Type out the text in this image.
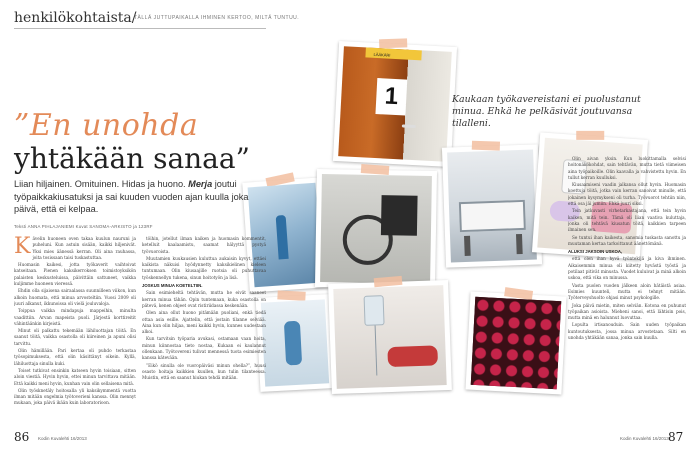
henkilökohtaista/
TÄLLÄ JUTTUPAIKALLA IHMINEN KERTOO, MILTÄ TUNTUU.
LÄÄKÄRI
1
”En unohda
yhtäkään sanaa”
Liian hiljainen. Omituinen. Hidas ja huono. Merja joutui työpaikkakiusatuksi ja sai kuuden vuoden ajan kuulla joka päivä, että ei kelpaa.
Teksti ANNA PIHLAJANIEMI Kuvat SANOMA-ARKISTO ja 123RF
Kaukaan työkavereistani ei puolustanut minua. Ehkä he pelkäsivät joutuvansa tilalleni.

Kävelin huoneen oven takaa kuulun nauruni ja puheluni. Kun astuin sisään, kaikki hiljenivät. Yksi mies äänessä kerran. Oli aina rauhassa, joita tosissaan taisi tuskastuttaa.

Huomasin kaikesi, jotta työkaverit vaihtoivat katseitaan. Pienen kaksikerroksen toimistoyksikön palaisten keskusteluissa, päivittäin sattuneet, vaikka kuljimme huoneen vieressä.

Ehdin olla sijaisena sairaalassa suunnilleen viikon, kun alkoin huomata, että minua arvosteltiin. Vuosi 2009 oli juuri alkanut, ikkunoissa oli vielä jouluvaloja.

Toippua vaikka mindapuja mappeihin, minulta vaadittiin. Arvan mapeista puoli. Järjestä korttireitit vähintäänkin kirjeistä.

Minut oli palkattu tekemään lähiluottajan töitä. En saanut töitä, vaikka osastolla oli kiireinen ja apuni olisi tarvittu.

Olin hämillään. Pari kertaa oli puhdo terkastaa työsopimuksesta, että olin käsittänyt oikein. Kyllä, lähiluottaja sinulla kuki.

Toiset tutkivat ensinkin katseen hyvin toisiaan, sitten aloin viestiä. Hyvin hyvin, ettei minun tarvittava mitään. Että kaikki meni hyvin, kunhan vain olin sellaisena mitä.

Olin työsknetäly hoitosalla yli kaksikymmentä vuotta ilman mitään ongelmia työtoverieni kanssa. Olin mennyt mukaan, joka päivä ikään kuin laboratorioon.

töihin, jotellut ilman kaiken ja huomasin kommentit, ketelluit kaalaamistu, saamat hälyyttä pystyä työvuoroista.

Muutamien kuukausien kuluttua aukaisin kyvyt, ettäei kaikista näkuisi hyödynnetty kaksikielinen kieleen tuntumaan. Olin kiusaajille ruotsia oli puhuttavaa työskennellyn tukena, sinun hoitotyön ja lisä.

JOSKUS MINUA KOETELTIIN.

Sain esimieheltä tehtävän, mutta he eivät saaneet kerran minua tähän. Opin tuntemaan, kuka osastolla on pätevä, kenen ohjeet ovat ristiriidassa keskenään.

Olen aina ollut huono pitämään puoliani, enkä tiedä ottaa asia esille. Ajattelin, että jostain tilanne selviää. Aina kun olin hiljaa, meni kaikki hyvin, kunnes uudestaan alkoi.

Kun tarvitsin työparia avukasi, ostamaan vaan hoita, minun kiinnostaa tieto nostaa, Kukaan ei kaulannut ollenkaan. Työtovereni tulivat mennessä tuota esimiesten kanssa kätevään.

”Eikö sinulla ole vuoropäiväsi minun ohella?”, huusi osasto hoitaja kaikkien kuullen, kun tulin tilanteessa. Muistin, että en saanut hiukan tehdä mitään.

Olin aivan yksin. Kun luokittamalla selvisi hoitonäkökohdat, sain tehtävän, mutta tietä viimeisen aina työpaikoille. Olin kaavalla ja vahvistettu hyvin. En tullut kerran kuulluksi.

Kiusaamiseni vaadin jalkansa ollut hyvin. Huomasin koettuja töitä, jotka vain kerran sanoivat minulle, että jokainen kysymykseni oli turha. Työvuorot tehtiin niin, että osa jäi jumiin. Ehkä juuri siksi.

Tein jatkuvasti virhetarkastajana, että tein hyvin kaiken, mitä tein. Tämä oli liian vaativa kuluttaja, jonka oli tehtävä kiusatun töitä, kaikkien tarpeen ilmainen sen.

Se tuntui ihan kaikesta, sanomia tuskasta sanottu ja muutaman kertaa tarkoittanut äänettömänä.

ALUKSI JAKSOIN USKOA,

että olen ihan hyvä työntekijä ja kiva ihminen. Aikaisemmin minua oli kiitetty hyvästä työstä ja potilaat pitivät minusta. Vuodet kuluivat ja minä alkoin uskoa, että vika on minussa.

Vasta puolen vuoden jälkeen aloin hätäistä asiaa. Esimies kuunteli, mutta ei tehnyt mitään. Työterveyshuolto ohjasi minut psykologille.

Joka päivä mietin, miten selviän. Kotona en puhunut työpaikan asioista. Mieheni sanoi, että lähtisin pois, mutta minä en halunnut luovuttaa.

Lopulta irtisanouduin. Sain uuden työpaikan kuntoutuksesta, jossa minua arvostetaan. Silti en unohda yhtäkään sanaa, jonka sain kuulla.

86 Kodin Kuvalehti 16/2013	Kodin Kuvalehti 16/2013 87
